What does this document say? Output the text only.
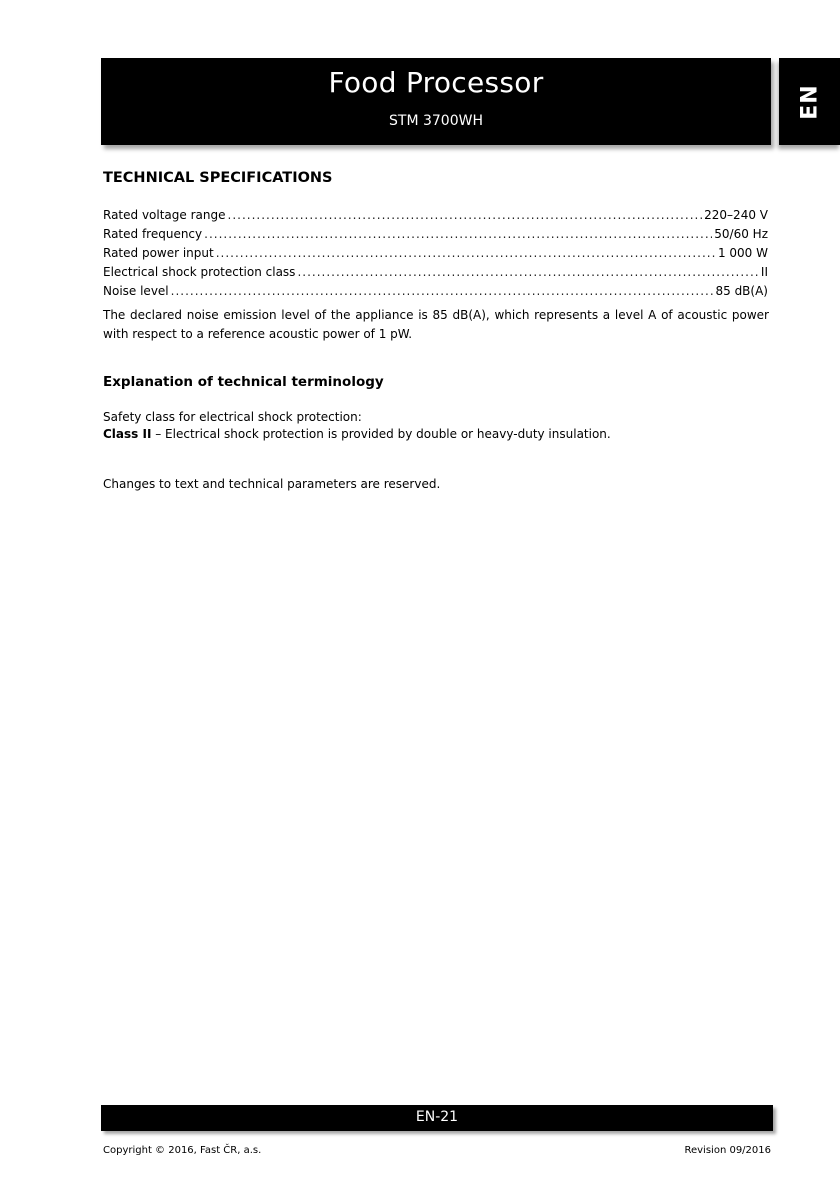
Food Processor
STM 3700WH
EN
TECHNICAL SPECIFICATIONS
Rated voltage range .....	220–240 V
Rated frequency .....	50/60 Hz
Rated power input .....	1 000 W
Electrical shock protection class .....	II
Noise level .....	85 dB(A)
The declared noise emission level of the appliance is 85 dB(A), which represents a level A of acoustic power with respect to a reference acoustic power of 1 pW.
Explanation of technical terminology
Safety class for electrical shock protection:
Class II – Electrical shock protection is provided by double or heavy-duty insulation.
Changes to text and technical parameters are reserved.
EN-21
Copyright © 2016, Fast ČR, a.s.	Revision 09/2016
